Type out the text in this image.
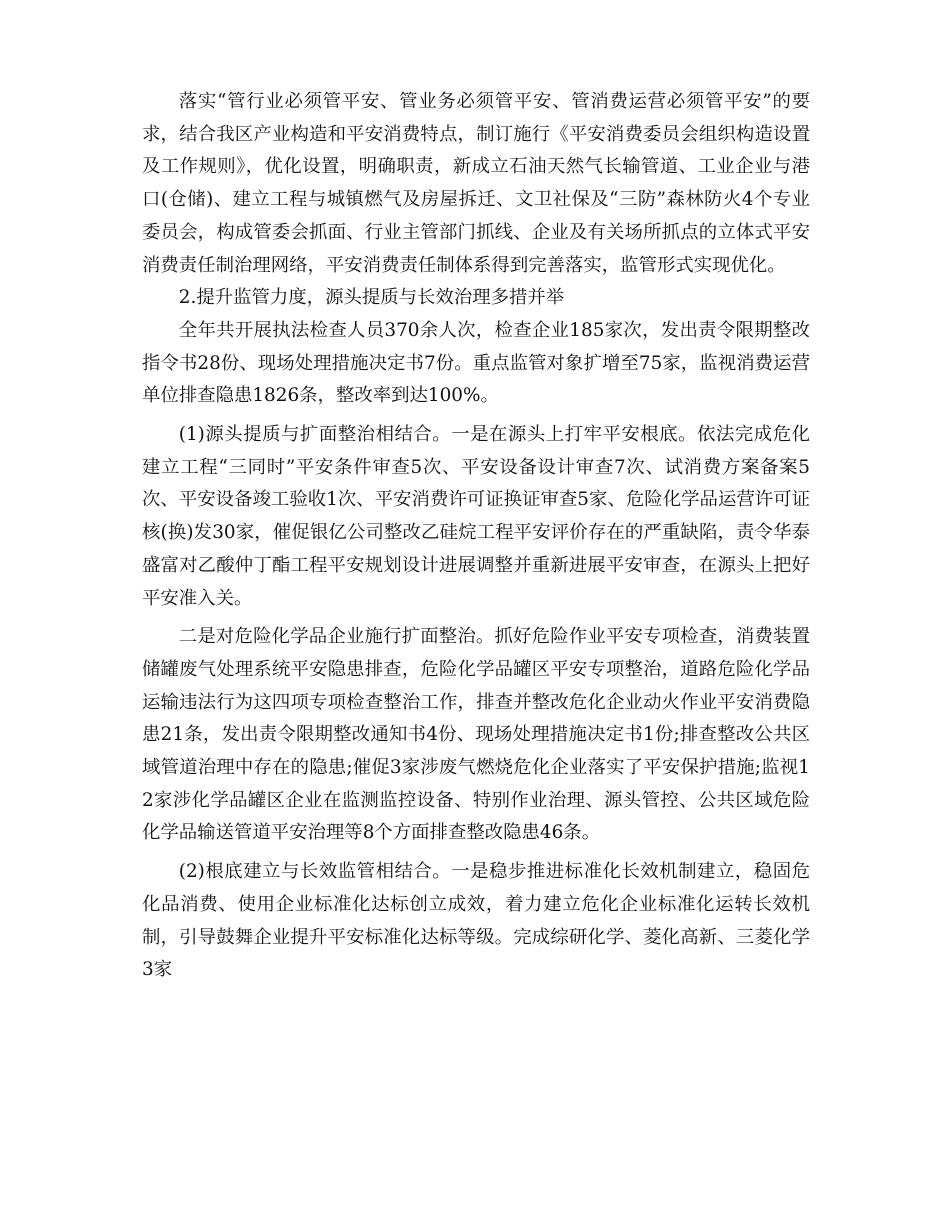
落实“管行业必须管平安、管业务必须管平安、管消费运营必须管平安”的要求，结合我区产业构造和平安消费特点，制订施行《平安消费委员会组织构造设置及工作规则》，优化设置，明确职责，新成立石油天然气长输管道、工业企业与港口(仓储)、建立工程与城镇燃气及房屋拆迁、文卫社保及“三防”森林防火4个专业委员会，构成管委会抓面、行业主管部门抓线、企业及有关场所抓点的立体式平安消费责任制治理网络，平安消费责任制体系得到完善落实，监管形式实现优化。

2.提升监管力度，源头提质与长效治理多措并举

全年共开展执法检查人员370余人次，检查企业185家次，发出责令限期整改指令书28份、现场处理措施决定书7份。重点监管对象扩增至75家，监视消费运营单位排查隐患1826条，整改率到达100%。

(1)源头提质与扩面整治相结合。一是在源头上打牢平安根底。依法完成危化建立工程“三同时”平安条件审查5次、平安设备设计审查7次、试消费方案备案5次、平安设备竣工验收1次、平安消费许可证换证审查5家、危险化学品运营许可证核(换)发30家，催促银亿公司整改乙硅烷工程平安评价存在的严重缺陷，责令华泰盛富对乙酸仲丁酯工程平安规划设计进展调整并重新进展平安审查，在源头上把好平安准入关。

二是对危险化学品企业施行扩面整治。抓好危险作业平安专项检查，消费装置储罐废气处理系统平安隐患排查，危险化学品罐区平安专项整治，道路危险化学品运输违法行为这四项专项检查整治工作，排查并整改危化企业动火作业平安消费隐患21条，发出责令限期整改通知书4份、现场处理措施决定书1份;排查整改公共区域管道治理中存在的隐患;催促3家涉废气燃烧危化企业落实了平安保护措施;监视12家涉化学品罐区企业在监测监控设备、特别作业治理、源头管控、公共区域危险化学品输送管道平安治理等8个方面排查整改隐患46条。

(2)根底建立与长效监管相结合。一是稳步推进标准化长效机制建立，稳固危化品消费、使用企业标准化达标创立成效，着力建立危化企业标准化运转长效机制，引导鼓舞企业提升平安标准化达标等级。完成综研化学、菱化高新、三菱化学3家
